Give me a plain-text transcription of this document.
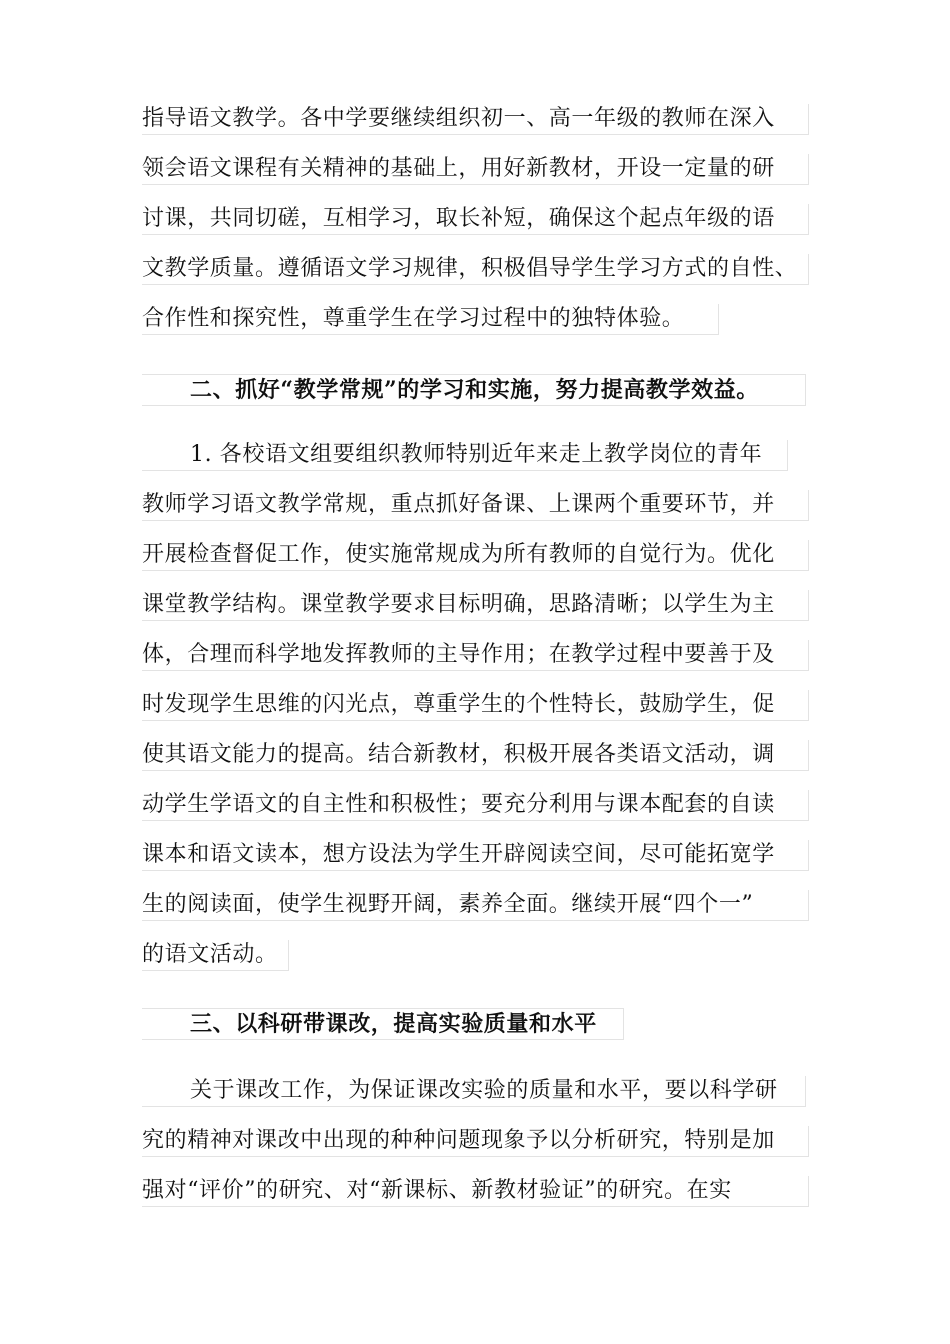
指导语文教学。各中学要继续组织初一、高一年级的教师在深入
领会语文课程有关精神的基础上，用好新教材，开设一定量的研
讨课，共同切磋，互相学习，取长补短，确保这个起点年级的语
文教学质量。遵循语文学习规律，积极倡导学生学习方式的自性、
合作性和探究性，尊重学生在学习过程中的独特体验。
二、抓好“教学常规”的学习和实施，努力提高教学效益。
1. 各校语文组要组织教师特别近年来走上教学岗位的青年
教师学习语文教学常规，重点抓好备课、上课两个重要环节，并
开展检查督促工作，使实施常规成为所有教师的自觉行为。优化
课堂教学结构。课堂教学要求目标明确，思路清晰；以学生为主
体，合理而科学地发挥教师的主导作用；在教学过程中要善于及
时发现学生思维的闪光点，尊重学生的个性特长，鼓励学生，促
使其语文能力的提高。结合新教材，积极开展各类语文活动，调
动学生学语文的自主性和积极性；要充分利用与课本配套的自读
课本和语文读本，想方设法为学生开辟阅读空间，尽可能拓宽学
生的阅读面，使学生视野开阔，素养全面。继续开展“四个一”
的语文活动。
三、以科研带课改，提高实验质量和水平
关于课改工作，为保证课改实验的质量和水平，要以科学研
究的精神对课改中出现的种种问题现象予以分析研究，特别是加
强对“评价”的研究、对“新课标、新教材验证”的研究。在实
